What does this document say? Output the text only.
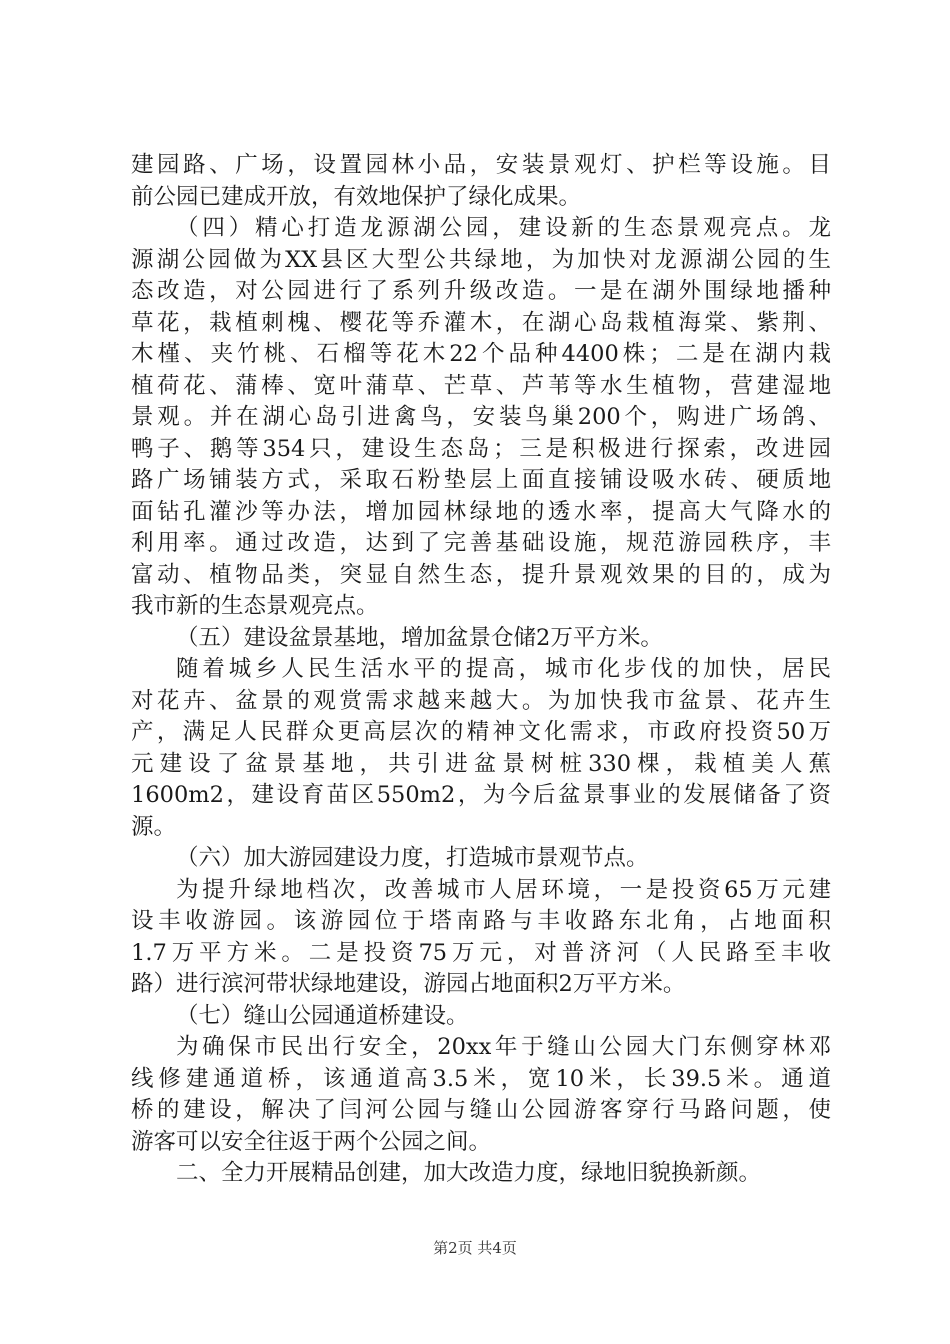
建园路、广场，设置园林小品，安装景观灯、护栏等设施。目
前公园已建成开放，有效地保护了绿化成果。
（四）精心打造龙源湖公园，建设新的生态景观亮点。龙
源湖公园做为XX县区大型公共绿地，为加快对龙源湖公园的生
态改造，对公园进行了系列升级改造。一是在湖外围绿地播种
草花，栽植刺槐、樱花等乔灌木，在湖心岛栽植海棠、紫荆、
木槿、夹竹桃、石榴等花木22个品种4400株；二是在湖内栽
植荷花、蒲棒、宽叶蒲草、芒草、芦苇等水生植物，营建湿地
景观。并在湖心岛引进禽鸟，安装鸟巢200个，购进广场鸽、
鸭子、鹅等354只，建设生态岛；三是积极进行探索，改进园
路广场铺装方式，采取石粉垫层上面直接铺设吸水砖、硬质地
面钻孔灌沙等办法，增加园林绿地的透水率，提高大气降水的
利用率。通过改造，达到了完善基础设施，规范游园秩序，丰
富动、植物品类，突显自然生态，提升景观效果的目的，成为
我市新的生态景观亮点。
（五）建设盆景基地，增加盆景仓储2万平方米。
随着城乡人民生活水平的提高，城市化步伐的加快，居民
对花卉、盆景的观赏需求越来越大。为加快我市盆景、花卉生
产，满足人民群众更高层次的精神文化需求，市政府投资50万
元建设了盆景基地，共引进盆景树桩330棵，栽植美人蕉
1600m2，建设育苗区550m2，为今后盆景事业的发展储备了资
源。
（六）加大游园建设力度，打造城市景观节点。
为提升绿地档次，改善城市人居环境，一是投资65万元建
设丰收游园。该游园位于塔南路与丰收路东北角，占地面积
1.7万平方米。二是投资75万元，对普济河（人民路至丰收
路）进行滨河带状绿地建设，游园占地面积2万平方米。
（七）缝山公园通道桥建设。
为确保市民出行安全，20xx年于缝山公园大门东侧穿林邓
线修建通道桥，该通道高3.5米，宽10米，长39.5米。通道
桥的建设，解决了闫河公园与缝山公园游客穿行马路问题，使
游客可以安全往返于两个公园之间。
二、全力开展精品创建，加大改造力度，绿地旧貌换新颜。
第2页 共4页
